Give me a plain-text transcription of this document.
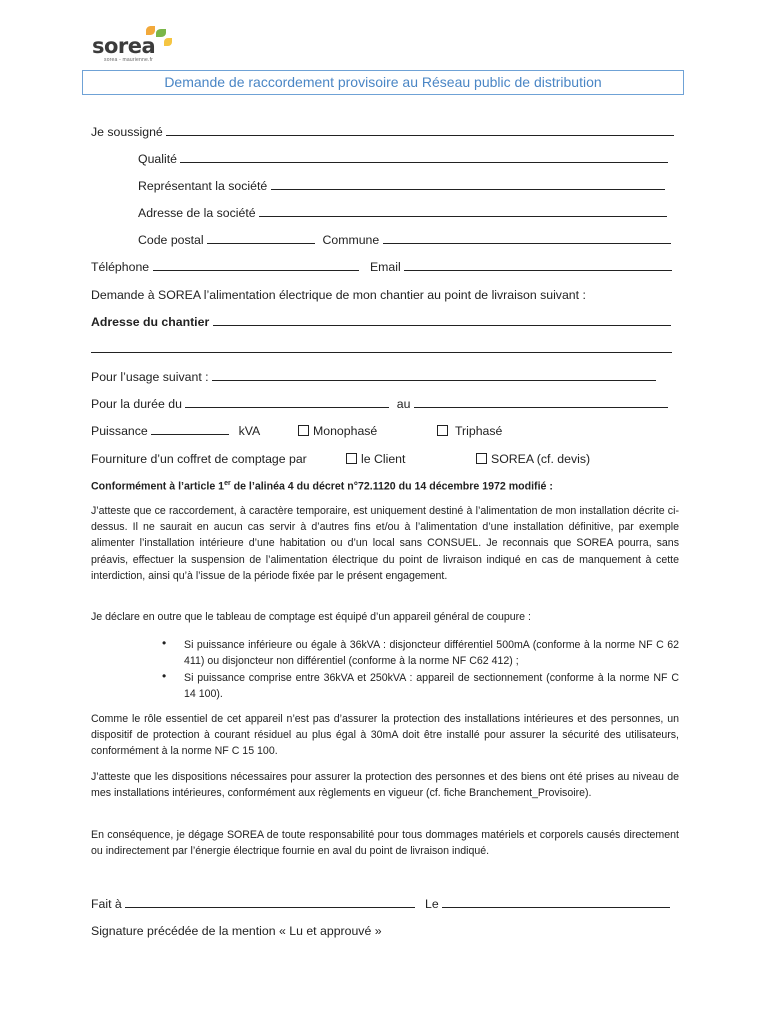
sorea
sorea - maurienne.fr
Demande de raccordement provisoire au Réseau public de distribution
Je soussigné
Qualité
Représentant la société
Adresse de la société
Code postal	Commune
Téléphone	Email
Demande à SOREA l’alimentation électrique de mon chantier au point de livraison suivant :
Adresse du chantier
Pour l’usage suivant :
Pour la durée du	au
Puissance	kVA	Monophasé	Triphasé
Fourniture d’un coffret de comptage par	le Client	SOREA (cf. devis)
Conformément à l’article 1er de l’alinéa 4 du décret n°72.1120 du 14 décembre 1972 modifié :
J’atteste que ce raccordement, à caractère temporaire, est uniquement destiné à l’alimentation de mon installation décrite ci-dessus. Il ne saurait en aucun cas servir à d’autres fins et/ou à l’alimentation d’une installation définitive, par exemple alimenter l’installation intérieure d’une habitation ou d’un local sans CONSUEL. Je reconnais que SOREA pourra, sans préavis, effectuer la suspension de l’alimentation électrique du point de livraison indiqué en cas de manquement à cette interdiction, ainsi qu’à l’issue de la période fixée par le présent engagement.
Je déclare en outre que le tableau de comptage est équipé d’un appareil général de coupure :
• Si puissance inférieure ou égale à 36kVA : disjoncteur différentiel 500mA (conforme à la norme NF C 62 411) ou disjoncteur non différentiel (conforme à la norme NF C62 412) ;
• Si puissance comprise entre 36kVA et 250kVA : appareil de sectionnement (conforme à la norme NF C 14 100).
Comme le rôle essentiel de cet appareil n’est pas d’assurer la protection des installations intérieures et des personnes, un dispositif de protection à courant résiduel au plus égal à 30mA doit être installé pour assurer la sécurité des utilisateurs, conformément à la norme NF C 15 100.
J’atteste que les dispositions nécessaires pour assurer la protection des personnes et des biens ont été prises au niveau de mes installations intérieures, conformément aux règlements en vigueur (cf. fiche Branchement_Provisoire).
En conséquence, je dégage SOREA de toute responsabilité pour tous dommages matériels et corporels causés directement ou indirectement par l’énergie électrique fournie en aval du point de livraison indiqué.
Fait à	Le
Signature précédée de la mention « Lu et approuvé »
